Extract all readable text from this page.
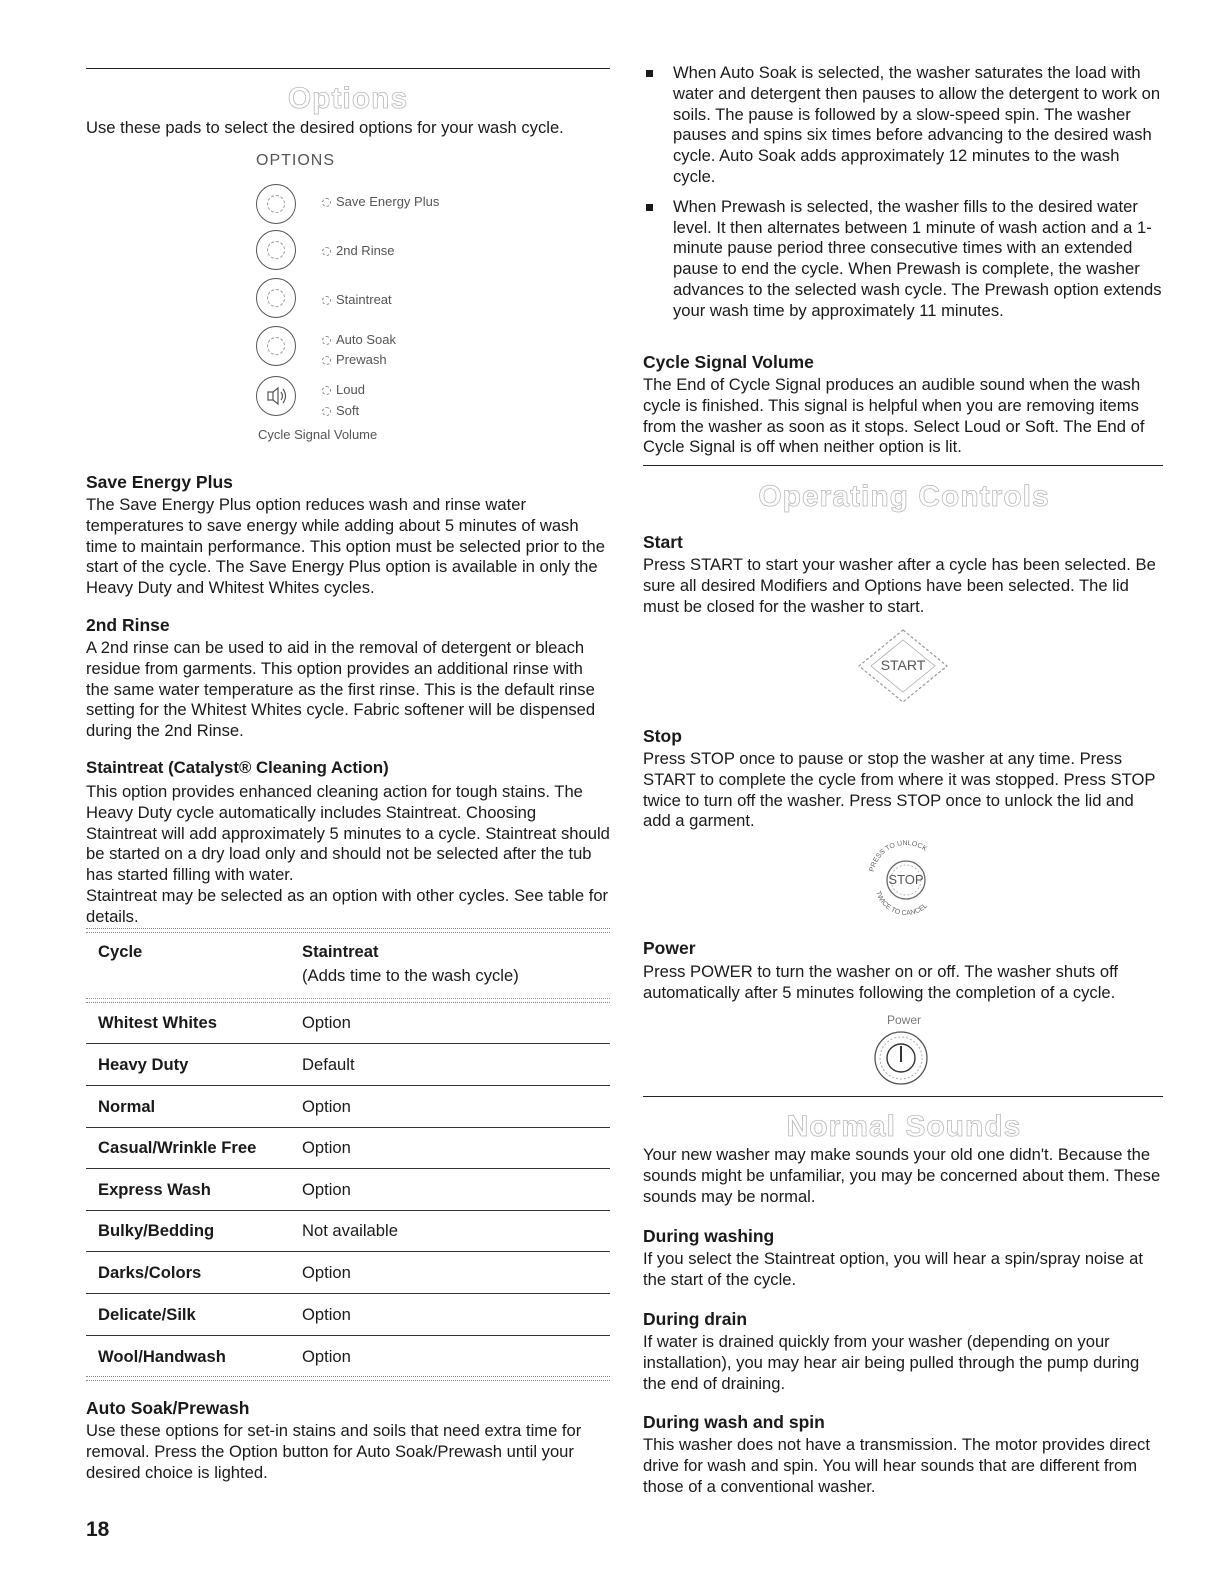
Options

Use these pads to select the desired options for your wash cycle.

OPTIONS
Save Energy Plus
2nd Rinse
Staintreat
Auto Soak
Prewash
Loud
Soft
Cycle Signal Volume
Save Energy Plus

The Save Energy Plus option reduces wash and rinse water temperatures to save energy while adding about 5 minutes of wash time to maintain performance. This option must be selected prior to the start of the cycle. The Save Energy Plus option is available in only the Heavy Duty and Whitest Whites cycles.

2nd Rinse

A 2nd rinse can be used to aid in the removal of detergent or bleach residue from garments. This option provides an additional rinse with the same water temperature as the first rinse. This is the default rinse setting for the Whitest Whites cycle. Fabric softener will be dispensed during the 2nd Rinse.

Staintreat (Catalyst® Cleaning Action)

This option provides enhanced cleaning action for tough stains. The Heavy Duty cycle automatically includes Staintreat. Choosing Staintreat will add approximately 5 minutes to a cycle. Staintreat should be started on a dry load only and should not be selected after the tub has started filling with water.

Staintreat may be selected as an option with other cycles. See table for details.

Cycle	Staintreat
(Adds time to the wash cycle)
Whitest Whites	Option
Heavy Duty	Default
Normal	Option
Casual/Wrinkle Free	Option
Express Wash	Option
Bulky/Bedding	Not available
Darks/Colors	Option
Delicate/Silk	Option
Wool/Handwash	Option
Auto Soak/Prewash

Use these options for set-in stains and soils that need extra time for removal. Press the Option button for Auto Soak/Prewash until your desired choice is lighted.

18

When Auto Soak is selected, the washer saturates the load with water and detergent then pauses to allow the detergent to work on soils. The pause is followed by a slow-speed spin. The washer pauses and spins six times before advancing to the desired wash cycle. Auto Soak adds approximately 12 minutes to the wash cycle.

When Prewash is selected, the washer fills to the desired water level. It then alternates between 1 minute of wash action and a 1-minute pause period three consecutive times with an extended pause to end the cycle. When Prewash is complete, the washer advances to the selected wash cycle. The Prewash option extends your wash time by approximately 11 minutes.

Cycle Signal Volume

The End of Cycle Signal produces an audible sound when the wash cycle is finished. This signal is helpful when you are removing items from the washer as soon as it stops. Select Loud or Soft. The End of Cycle Signal is off when neither option is lit.

Operating Controls
Start

Press START to start your washer after a cycle has been selected. Be sure all desired Modifiers and Options have been selected. The lid must be closed for the washer to start.

START
Stop

Press STOP once to pause or stop the washer at any time. Press START to complete the cycle from where it was stopped. Press STOP twice to turn off the washer. Press STOP once to unlock the lid and add a garment.

PRESS TO UNLOCK
TWICE TO CANCEL
STOP
Power

Press POWER to turn the washer on or off. The washer shuts off automatically after 5 minutes following the completion of a cycle.

Power
Normal Sounds

Your new washer may make sounds your old one didn't. Because the sounds might be unfamiliar, you may be concerned about them. These sounds may be normal.

During washing

If you select the Staintreat option, you will hear a spin/spray noise at the start of the cycle.

During drain

If water is drained quickly from your washer (depending on your installation), you may hear air being pulled through the pump during the end of draining.

During wash and spin

This washer does not have a transmission. The motor provides direct drive for wash and spin. You will hear sounds that are different from those of a conventional washer.
